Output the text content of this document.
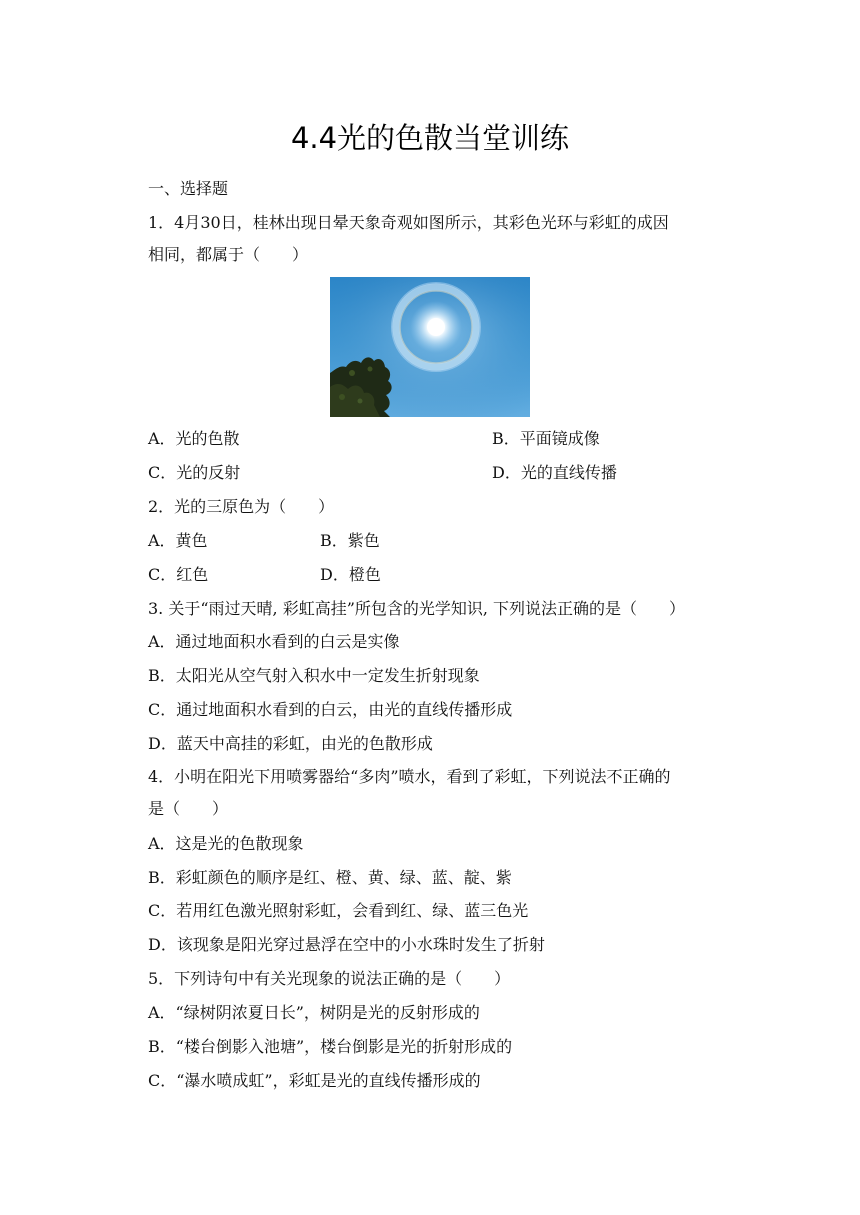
4.4光的色散当堂训练
一、选择题
1．4月30日，桂林出现日晕天象奇观如图所示，其彩色光环与彩虹的成因
相同，都属于（　　）
A．光的色散	B．平面镜成像
C．光的反射	D．光的直线传播
2．光的三原色为（　　）
A．黄色	B．紫色
C．红色	D．橙色
3. 关于“雨过天晴, 彩虹高挂”所包含的光学知识, 下列说法正确的是（　　）
A．通过地面积水看到的白云是实像
B．太阳光从空气射入积水中一定发生折射现象
C．通过地面积水看到的白云，由光的直线传播形成
D．蓝天中高挂的彩虹，由光的色散形成
4．小明在阳光下用喷雾器给“多肉”喷水，看到了彩虹，下列说法不正确的
是（　　）
A．这是光的色散现象
B．彩虹颜色的顺序是红、橙、黄、绿、蓝、靛、紫
C．若用红色激光照射彩虹，会看到红、绿、蓝三色光
D．该现象是阳光穿过悬浮在空中的小水珠时发生了折射
5．下列诗句中有关光现象的说法正确的是（　　）
A．“绿树阴浓夏日长”，树阴是光的反射形成的
B．“楼台倒影入池塘”，楼台倒影是光的折射形成的
C．“瀑水喷成虹”，彩虹是光的直线传播形成的
